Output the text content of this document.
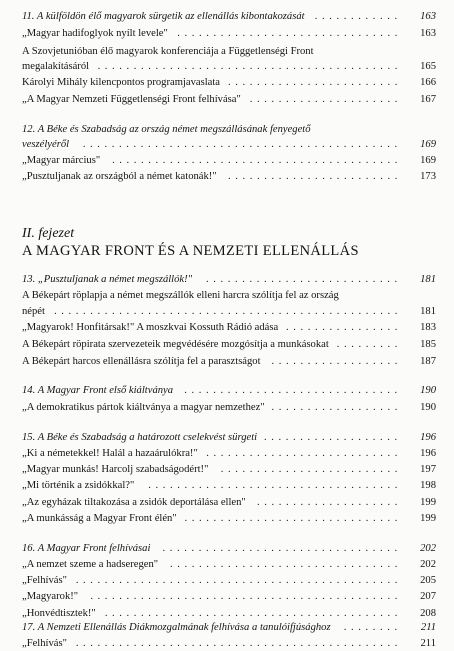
II. fejezet
A MAGYAR FRONT ÉS A NEMZETI ELLENÁLLÁS
11. A külföldön élő magyarok sürgetik az ellenállás kibontakozását	163
............
„Magyar hadifoglyok nyílt levele"	163
...............................
A Szovjetunióban élő magyarok konferenciája a Függetlenségi Front
megalakításáról	165
..........................................
Károlyi Mihály kilencpontos programjavaslata	166
........................
„A Magyar Nemzeti Függetlenségi Front felhívása"	167
.....................
12. A Béke és Szabadság az ország német megszállásának fenyegető
veszélyéről	169
............................................
„Magyar március"	169
........................................
„Pusztuljanak az országból a német katonák!"	173
........................
13. „Pusztuljanak a német megszállók!"	181
...........................
A Békepárt röplapja a német megszállók elleni harcra szólítja fel az ország
népét	181
................................................
„Magyarok! Honfitársak!" A moszkvai Kossuth Rádió adása	183
................
A Békepárt röpirata szervezeteik megvédésére mozgósítja a munkásokat	185
.........
A Békepárt harcos ellenállásra szólítja fel a parasztságot	187
..................
14. A Magyar Front első kiáltványa	190
..............................
„A demokratikus pártok kiáltványa a magyar nemzethez"	190
..................
15. A Béke és Szabadság a határozott cselekvést sürgeti	196
...................
„Ki a németekkel! Halál a hazaárulókra!"	196
...........................
„Magyar munkás! Harcolj szabadságodért!"	197
.........................
„Mi történik a zsidókkal?"	198
...................................
„Az egyházak tiltakozása a zsidók deportálása ellen"	199
....................
„A munkásság a Magyar Front élén"	199
..............................
16. A Magyar Front felhívásai	202
.................................
„A nemzet szeme a hadseregen"	202
................................
„Felhívás"	205
.............................................
„Magyarok!"	207
...........................................
„Honvédtisztek!"	208
.........................................
17. A Nemzeti Ellenállás Diákmozgalmának felhívása a tanulóifjúsághoz	211
........
„Felhívás"	211
.............................................
